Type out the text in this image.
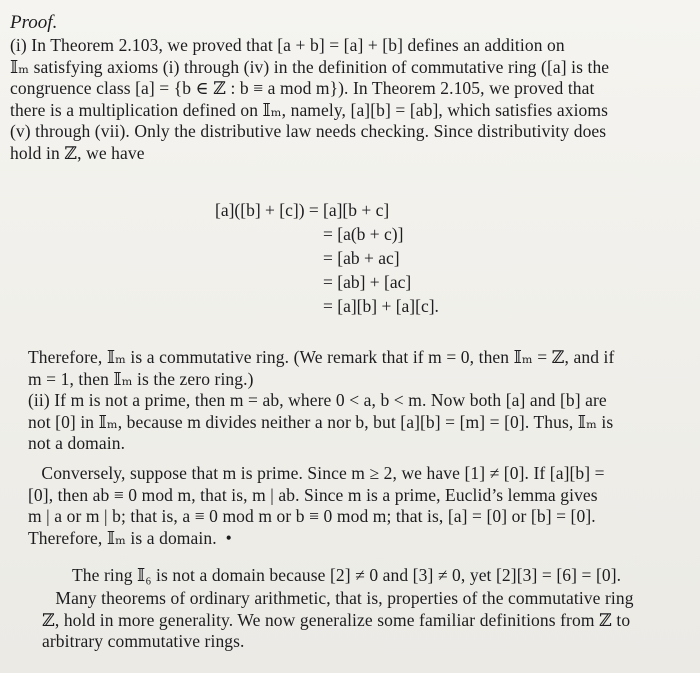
Proof.
(i) In Theorem 2.103, we proved that [a + b] = [a] + [b] defines an addition on
𝕀ₘ satisfying axioms (i) through (iv) in the definition of commutative ring ([a] is the
congruence class [a] = {b ∈ ℤ : b ≡ a mod m}). In Theorem 2.105, we proved that
there is a multiplication defined on 𝕀ₘ, namely, [a][b] = [ab], which satisfies axioms
(v) through (vii). Only the distributive law needs checking. Since distributivity does
hold in ℤ, we have
[a]([b] + [c]) = [a][b + c]
= [a(b + c)]
= [ab + ac]
= [ab] + [ac]
= [a][b] + [a][c].
Therefore, 𝕀ₘ is a commutative ring. (We remark that if m = 0, then 𝕀ₘ = ℤ, and if
m = 1, then 𝕀ₘ is the zero ring.)
(ii) If m is not a prime, then m = ab, where 0 < a, b < m. Now both [a] and [b] are
not [0] in 𝕀ₘ, because m divides neither a nor b, but [a][b] = [m] = [0]. Thus, 𝕀ₘ is
not a domain.
Conversely, suppose that m is prime. Since m ≥ 2, we have [1] ≠ [0]. If [a][b] =
[0], then ab ≡ 0 mod m, that is, m | ab. Since m is a prime, Euclid’s lemma gives
m | a or m | b; that is, a ≡ 0 mod m or b ≡ 0 mod m; that is, [a] = [0] or [b] = [0].
Therefore, 𝕀ₘ is a domain.  •
The ring 𝕀₆ is not a domain because [2] ≠ 0 and [3] ≠ 0, yet [2][3] = [6] = [0].
Many theorems of ordinary arithmetic, that is, properties of the commutative ring
ℤ, hold in more generality. We now generalize some familiar definitions from ℤ to
arbitrary commutative rings.
